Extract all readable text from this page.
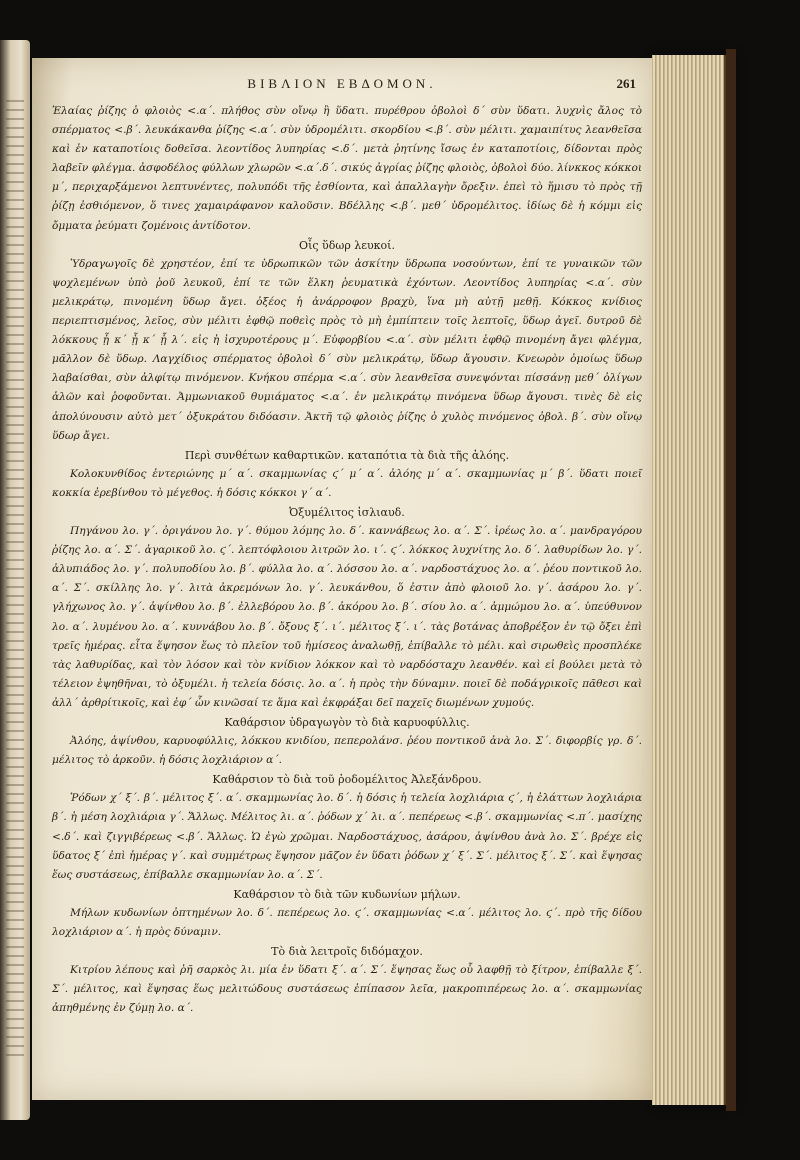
ΒΙΒΛΙΟΝ ΕΒΔΟΜΟΝ.	261

Ἐλαίας ῥίζης ὁ φλοιὸς <.α΄. πλήθος σὺν οἴνῳ ἢ ὕδατι. πυρέθρου ὀβολοὶ δ΄ σὺν ὕδατι. λυχνὶς ἄλος τὸ σπέρματος <.β΄. λευκάκανθα ῥίζης <.α΄. σὺν ὑδρομέλιτι. σκορδίου <.β΄. σὺν μέλιτι. χαμαιπίτυς λεανθεῖσα καὶ ἐν καταποτίοις δοθεῖσα. λεοντίδος λυπηρίας <.δ΄. μετὰ ῥητίνης ἴσως ἐν καταποτίοις, δίδονται πρὸς λαβεῖν φλέγμα. ἀσφοδέλος φύλλων χλωρῶν <.α΄.δ΄. σικύς ἀγρίας ῥίζης φλοιὸς, ὀβολοὶ δύο. λίνκκος κόκκοι μ΄, περιχαρξάμενοι λεπτυνέντες, πολυπόδι τῆς ἐσθίοντα, καὶ ἀπαλλαγὴν ὄρεξιν. ἐπεὶ τὸ ἥμισυ τὸ πρὸς τῇ ῥίζῃ ἐσθιόμενον, ὅ τινες χαμαιράφανον καλοῦσιν. Βδέλλης <.β΄. μεθ΄ ὑδρομέλιτος. ἰδίως δὲ ἡ κόμμι εἰς ὄμματα ῥεύματι ζομένοις ἀντίδοτον.

Οἷς ὕδωρ λευκοί.

Ὑδραγωγοῖς δὲ χρηστέον, ἐπί τε ὑδρωπικῶν τῶν ἀσκίτην ὕδρωπα νοσούντων, ἐπί τε γυναικῶν τῶν ψοχλεμένων ὑπὸ ῥοῦ λευκοῦ, ἐπί τε τῶν ἕλκη ῥευματικὰ ἐχόντων. Λεοντίδος λυπηρίας <.α΄. σὺν μελικράτῳ, πινομένη ὕδωρ ἄγει. ὀξέος ἡ ἀνάρροφον βραχὺ, ἵνα μὴ αὐτῇ μεθῇ. Κόκκος κνίδιος περιεπτισμένος, λεῖος, σὺν μέλιτι ἑφθῷ ποθεὶς πρὸς τὸ μὴ ἐμπίπτειν τοῖς λεπτοῖς, ὕδωρ ἀγεῖ. δυτροῦ δὲ λόκκους ᾗ κ΄ ᾗ κ΄ ᾗ λ΄. εἰς ἡ ἰσχυροτέρους μ΄. Εὐφορβίου <.α΄. σὺν μέλιτι ἑφθῷ πινομένη ἄγει φλέγμα, μᾶλλον δὲ ὕδωρ. Λαγχίδιος σπέρματος ὀβολοὶ δ΄ σὺν μελικράτῳ, ὕδωρ ἄγουσιν. Κνεωρὸν ὁμοίως ὕδωρ λαβαίσθαι, σὺν ἀλφίτῳ πινόμενον. Κνήκου σπέρμα <.α΄. σὺν λεανθεῖσα συνεψόνται πίσσάνῃ μεθ΄ ὀλίγων ἁλῶν καὶ ῥοφοῦνται. Ἀμμωνιακοῦ θυμιάματος <.α΄. ἐν μελικράτῳ πινόμενα ὕδωρ ἄγουσι. τινὲς δὲ εἰς ἀπολύνουσιν αὐτὸ μετ΄ ὀξυκράτου διδόασιν. Ἀκτῆ τῷ φλοιὸς ῥίζης ὁ χυλὸς πινόμενος ὀβολ. β΄. σὺν οἴνῳ ὕδωρ ἄγει.

Περὶ συνθέτων καθαρτικῶν. καταπότια τὰ διὰ τῆς ἀλόης.

Κολοκυνθίδος ἐντεριώνης μ΄ α΄. σκαμμωνίας ϛ΄ μ΄ α΄. ἀλόης μ΄ α΄. σκαμμωνίας μ΄ β΄. ὕδατι ποιεῖ κοκκία ἐρεβίνθου τὸ μέγεθος. ἡ δόσις κόκκοι γ΄ α΄.

Ὀξυμέλιτος ἰσλιαυδ.

Πηγάνου λο. γ΄. ὀριγάνου λο. γ΄. θύμου λόμης λο. δ΄. καννάβεως λο. α΄. Σ΄. ἰρέως λο. α΄. μανδραγόρου ῥίζης λο. α΄. Σ΄. ἀγαρικοῦ λο. ϛ΄. λεπτόφλοιου λιτρῶν λο. ι΄. ϛ΄. λόκκος λυχνίτης λο. δ΄. λαθυρίδων λο. γ΄. ἀλυπιάδος λο. γ΄. πολυποδίου λο. β΄. φύλλα λο. α΄. λόσσου λο. α΄. ναρδοστάχυος λο. α΄. ῥέου ποντικοῦ λο. α΄. Σ΄. σκίλλης λο. γ΄. λιτὰ ἀκρεμόνων λο. γ΄. λευκάνθου, ὅ ἐστιν ἀπὸ φλοιοῦ λο. γ΄. ἀσάρου λο. γ΄. γλήχωνος λο. γ΄. ἀψίνθου λο. β΄. ἐλλεβόρου λο. β΄. ἀκόρου λο. β΄. σίου λο. α΄. ἀμμώμου λο. α΄. ὑπεύθυνον λο. α΄. λυμένου λο. α΄. κυννάβου λο. β΄. ὄξους ξ΄. ι΄. μέλιτος ξ΄. ι΄. τὰς βοτάνας ἀποβρέξον ἐν τῷ ὄξει ἐπὶ τρεῖς ἡμέρας. εἶτα ἕψησον ἕως τὸ πλεῖον τοῦ ἡμίσεος ἀναλωθῇ, ἐπίβαλλε τὸ μέλι. καὶ σιρωθεὶς προσπλέκε τὰς λαθυρίδας, καὶ τὸν λόσον καὶ τὸν κνίδιον λόκκον καὶ τὸ ναρδόσταχυ λεανθέν. καὶ εἰ βούλει μετὰ τὸ τέλειον ἑψηθῆναι, τὸ ὀξυμέλι. ἡ τελεία δόσις. λο. α΄. ἡ πρὸς τὴν δύναμιν. ποιεῖ δὲ ποδάγρικοῖς πᾶθεσι καὶ ἀλλ΄ ἀρθρίτικοῖς, καὶ ἐφ΄ ὧν κινῶσαί τε ἅμα καὶ ἐκφράξαι δεῖ παχεῖς διωμένων χυμούς.

Καθάρσιον ὑδραγωγὸν τὸ διὰ καρυοφύλλις.

Ἀλόης, ἀψίνθου, καρυοφύλλις, λόκκου κνιδίου, πεπερολάνσ. ῥέου ποντικοῦ ἀνὰ λο. Σ΄. διφορβίς γρ. δ΄. μέλιτος τὸ ἀρκοῦν. ἡ δόσις λοχλιάριον α΄.

Καθάρσιον τὸ διὰ τοῦ ῥοδομέλιτος Ἀλεξάνδρου.

Ῥόδων χ΄ ξ΄. β΄. μέλιτος ξ΄. α΄. σκαμμωνίας λο. δ΄. ἡ δόσις ἡ τελεία λοχλιάρια ϛ΄, ἡ ἐλάττων λοχλιάρια β΄. ἡ μέση λοχλιάρια γ΄. Ἄλλως. Μέλιτος λι. α΄. ῥόδων χ΄ λι. α΄. πεπέρεως <.β΄. σκαμμωνίας <.π΄. μασίχης <.δ΄. καὶ ζιγγιβέρεως <.β΄. Ἄλλως. Ὡ ἐγὼ χρῶμαι. Ναρδοστάχυος, ἀσάρου, ἀψίνθου ἀνὰ λο. Σ΄. βρέχε εἰς ὕδατος ξ΄ ἐπὶ ἡμέρας γ΄. καὶ συμμέτρως ἕψησον μᾶζον ἐν ὕδατι ῥόδων χ΄ ξ΄. Σ΄. μέλιτος ξ΄. Σ΄. καὶ ἕψησας ἕως συστάσεως, ἐπίβαλλε σκαμμωνίαν λο. α΄. Σ΄.

Καθάρσιον τὸ διὰ τῶν κυδωνίων μήλων.

Μήλων κυδωνίων ὀπτημένων λο. δ΄. πεπέρεως λο. ϛ΄. σκαμμωνίας <.α΄. μέλιτος λο. ϛ΄. πρὸ τῆς δίδου λοχλιάριον α΄. ἡ πρὸς δύναμιν.

Τὸ διὰ λειτροῖς διδόμαχον.

Κιτρίου λέπους καὶ ῥῆ σαρκὸς λι. μία ἐν ὕδατι ξ΄. α΄. Σ΄. ἕψησας ἕως οὗ λαφθῇ τὸ ξίτρον, ἐπίβαλλε ξ΄. Σ΄. μέλιτος, καὶ ἕψησας ἕως μελιτώδους συστάσεως ἐπίπασον λεῖα, μακροπιπέρεως λο. α΄. σκαμμωνίας ἀπηθμένης ἐν ζύμῃ λο. α΄.
